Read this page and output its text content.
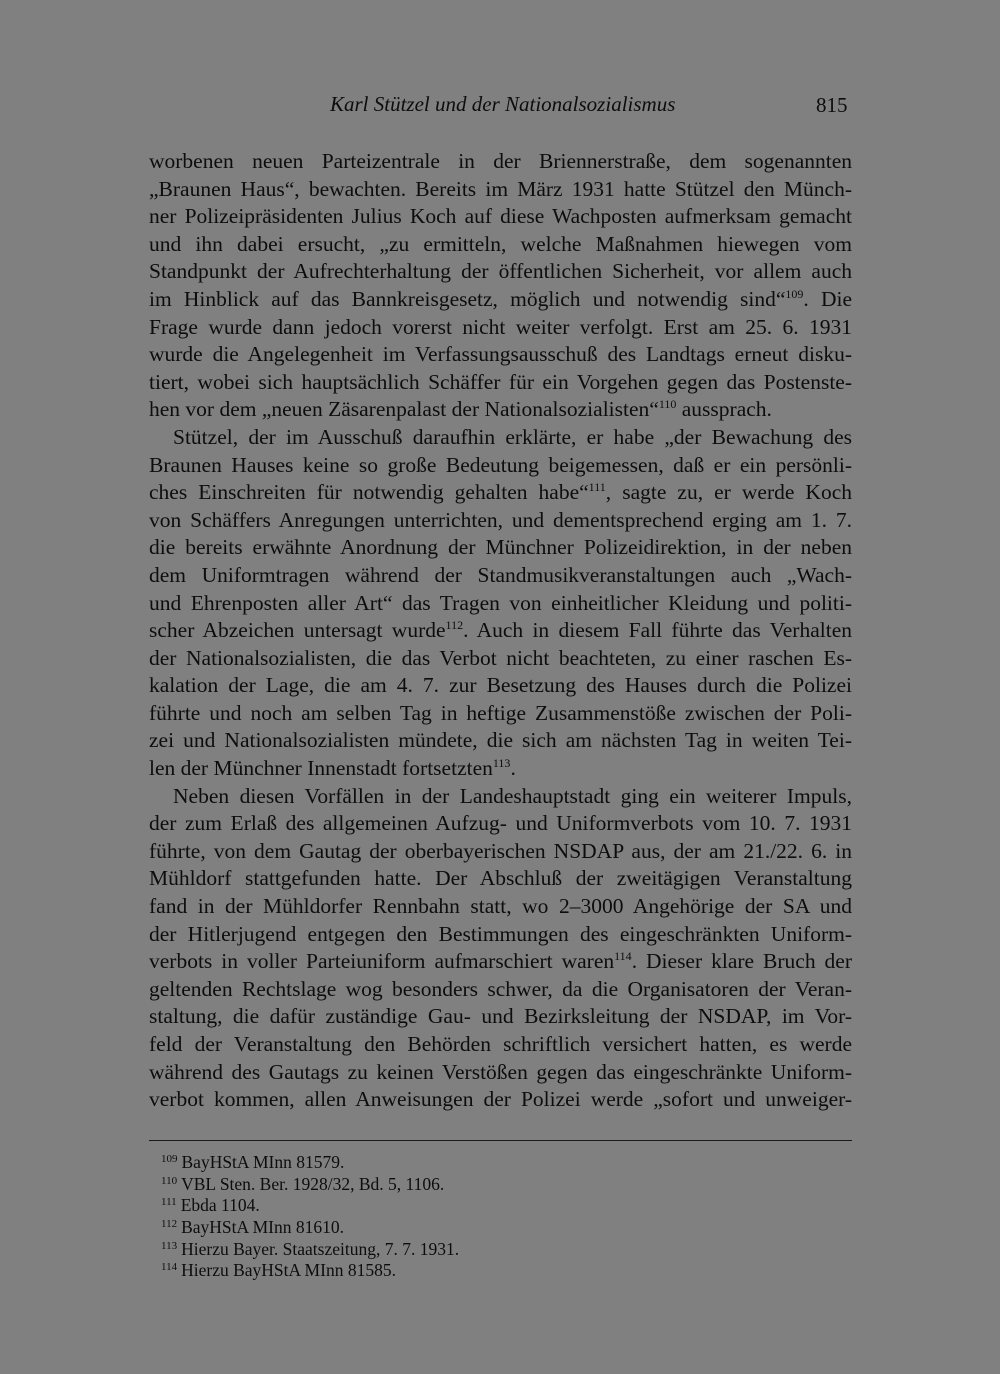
Karl Stützel und der Nationalsozialismus	815
worbenen neuen Parteizentrale in der Briennerstraße, dem sogenannten
„Braunen Haus“, bewachten. Bereits im März 1931 hatte Stützel den Münch-
ner Polizeipräsidenten Julius Koch auf diese Wachposten aufmerksam gemacht
und ihn dabei ersucht, „zu ermitteln, welche Maßnahmen hiewegen vom
Standpunkt der Aufrechterhaltung der öffentlichen Sicherheit, vor allem auch
im Hinblick auf das Bannkreisgesetz, möglich und notwendig sind“$^{109}$. Die
Frage wurde dann jedoch vorerst nicht weiter verfolgt. Erst am 25. 6. 1931
wurde die Angelegenheit im Verfassungsausschuß des Landtags erneut disku-
tiert, wobei sich hauptsächlich Schäffer für ein Vorgehen gegen das Postenste-
hen vor dem „neuen Zäsarenpalast der Nationalsozialisten“$^{110}$ aussprach.
Stützel, der im Ausschuß daraufhin erklärte, er habe „der Bewachung des
Braunen Hauses keine so große Bedeutung beigemessen, daß er ein persönli-
ches Einschreiten für notwendig gehalten habe“$^{111}$, sagte zu, er werde Koch
von Schäffers Anregungen unterrichten, und dementsprechend erging am 1. 7.
die bereits erwähnte Anordnung der Münchner Polizeidirektion, in der neben
dem Uniformtragen während der Standmusikveranstaltungen auch „Wach-
und Ehrenposten aller Art“ das Tragen von einheitlicher Kleidung und politi-
scher Abzeichen untersagt wurde$^{112}$. Auch in diesem Fall führte das Verhalten
der Nationalsozialisten, die das Verbot nicht beachteten, zu einer raschen Es-
kalation der Lage, die am 4. 7. zur Besetzung des Hauses durch die Polizei
führte und noch am selben Tag in heftige Zusammenstöße zwischen der Poli-
zei und Nationalsozialisten mündete, die sich am nächsten Tag in weiten Tei-
len der Münchner Innenstadt fortsetzten$^{113}$.
Neben diesen Vorfällen in der Landeshauptstadt ging ein weiterer Impuls,
der zum Erlaß des allgemeinen Aufzug- und Uniformverbots vom 10. 7. 1931
führte, von dem Gautag der oberbayerischen NSDAP aus, der am 21./22. 6. in
Mühldorf stattgefunden hatte. Der Abschluß der zweitägigen Veranstaltung
fand in der Mühldorfer Rennbahn statt, wo 2–3000 Angehörige der SA und
der Hitlerjugend entgegen den Bestimmungen des eingeschränkten Uniform-
verbots in voller Parteiuniform aufmarschiert waren$^{114}$. Dieser klare Bruch der
geltenden Rechtslage wog besonders schwer, da die Organisatoren der Veran-
staltung, die dafür zuständige Gau- und Bezirksleitung der NSDAP, im Vor-
feld der Veranstaltung den Behörden schriftlich versichert hatten, es werde
während des Gautags zu keinen Verstößen gegen das eingeschränkte Uniform-
verbot kommen, allen Anweisungen der Polizei werde „sofort und unweiger-
$^{109}$ BayHStA MInn 81579.
$^{110}$ VBL Sten. Ber. 1928/32, Bd. 5, 1106.
$^{111}$ Ebda 1104.
$^{112}$ BayHStA MInn 81610.
$^{113}$ Hierzu Bayer. Staatszeitung, 7. 7. 1931.
$^{114}$ Hierzu BayHStA MInn 81585.
